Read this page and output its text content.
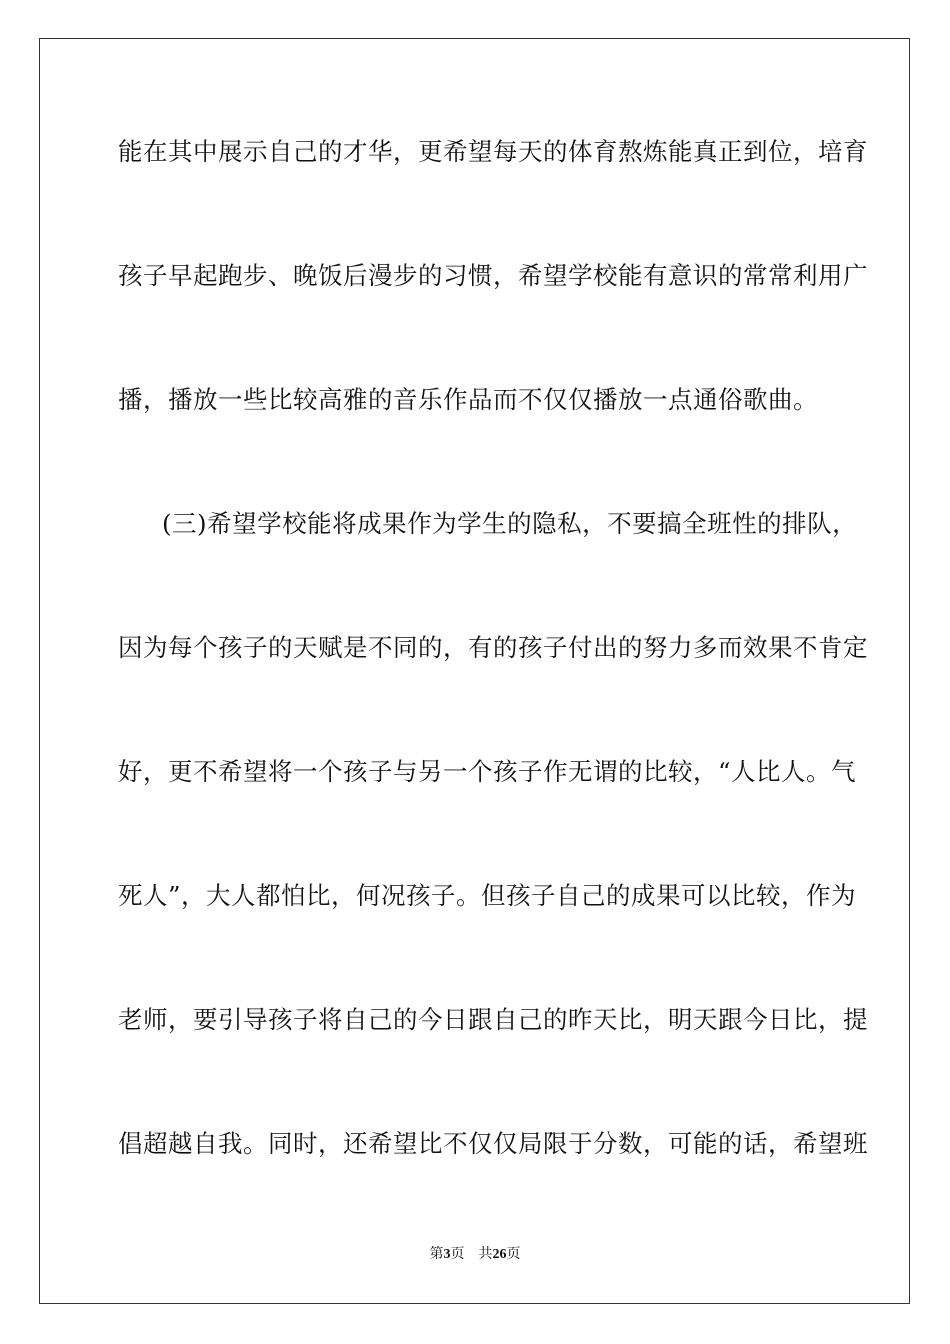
能在其中展示自己的才华，更希望每天的体育熬炼能真正到位，培育
孩子早起跑步、晚饭后漫步的习惯，希望学校能有意识的常常利用广
播，播放一些比较高雅的音乐作品而不仅仅播放一点通俗歌曲。
(三)希望学校能将成果作为学生的隐私，不要搞全班性的排队，
因为每个孩子的天赋是不同的，有的孩子付出的努力多而效果不肯定
好，更不希望将一个孩子与另一个孩子作无谓的比较，“人比人。气
死人”，大人都怕比，何况孩子。但孩子自己的成果可以比较，作为
老师，要引导孩子将自己的今日跟自己的昨天比，明天跟今日比，提
倡超越自我。同时，还希望比不仅仅局限于分数，可能的话，希望班
第3页 共26页
